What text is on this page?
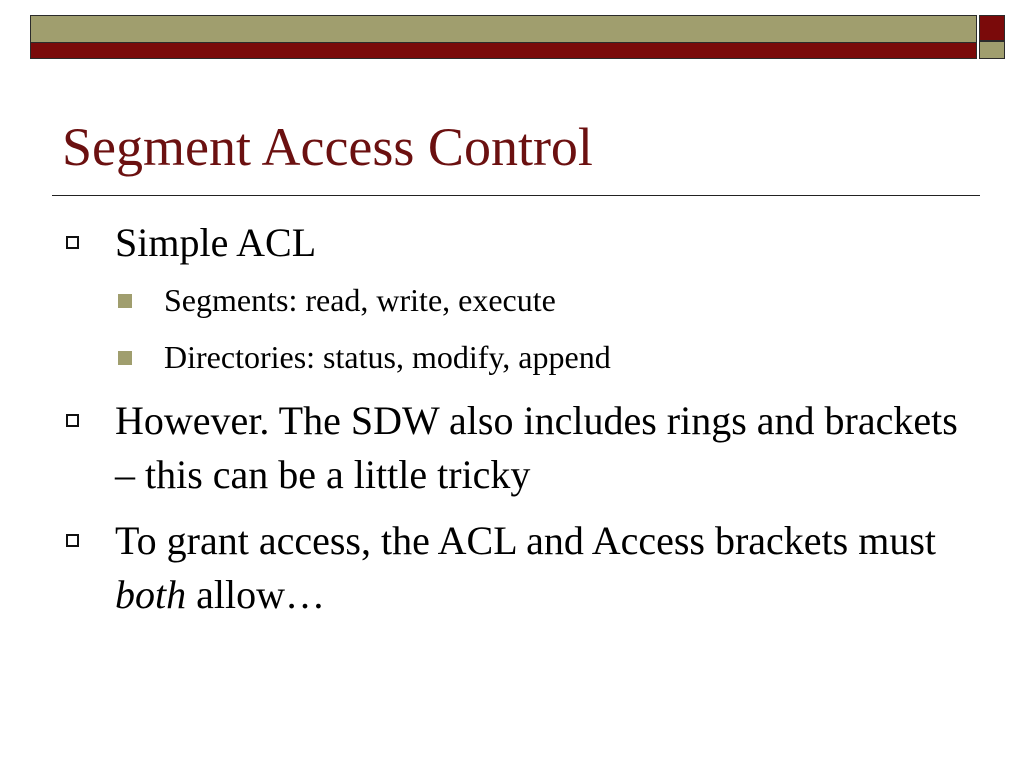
Segment Access Control
Simple ACL
Segments: read, write, execute
Directories: status, modify, append
However. The SDW also includes rings and brackets – this can be a little tricky
To grant access, the ACL and Access brackets must both allow…
